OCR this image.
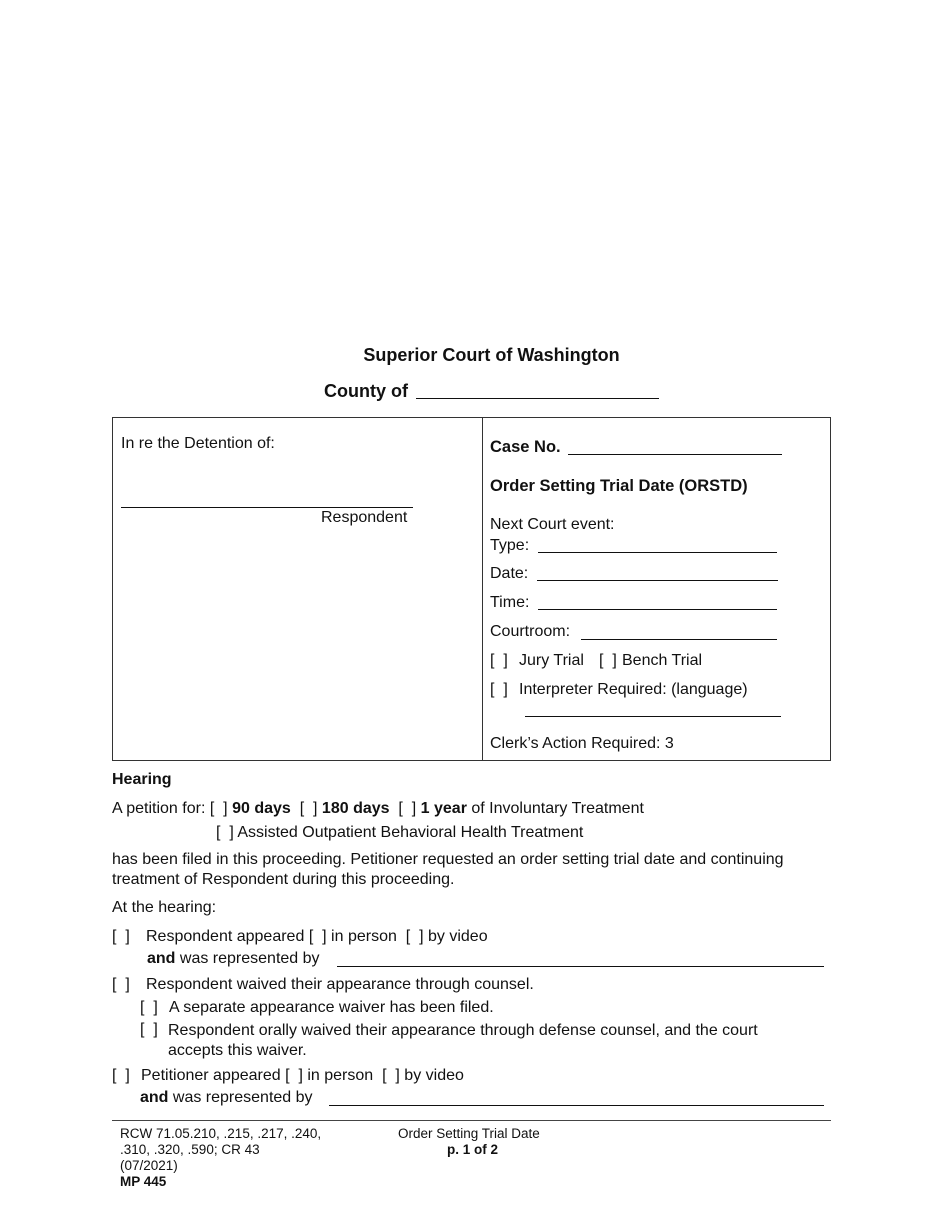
Superior Court of Washington
County of
In re the Detention of:
Respondent
Case No.
Order Setting Trial Date (ORSTD)
Next Court event:
Type:
Date:
Time:
Courtroom:
[  ] Jury Trial [  ] Bench Trial
[  ] Interpreter Required: (language)
Clerk’s Action Required: 3
Hearing
A petition for: [  ] 90 days [  ] 180 days [  ] 1 year of Involuntary Treatment
[  ] Assisted Outpatient Behavioral Health Treatment
has been filed in this proceeding. Petitioner requested an order setting trial date and continuing treatment of Respondent during this proceeding.
At the hearing:
[  ] Respondent appeared [  ] in person [  ] by video
and was represented by
[  ] Respondent waived their appearance through counsel.
[  ] A separate appearance waiver has been filed.
[  ] Respondent orally waived their appearance through defense counsel, and the court accepts this waiver.
[  ] Petitioner appeared [  ] in person [  ] by video
and was represented by
RCW 71.05.210, .215, .217, .240,
.310, .320, .590; CR 43
(07/2021)
MP 445
Order Setting Trial Date
p. 1 of 2
